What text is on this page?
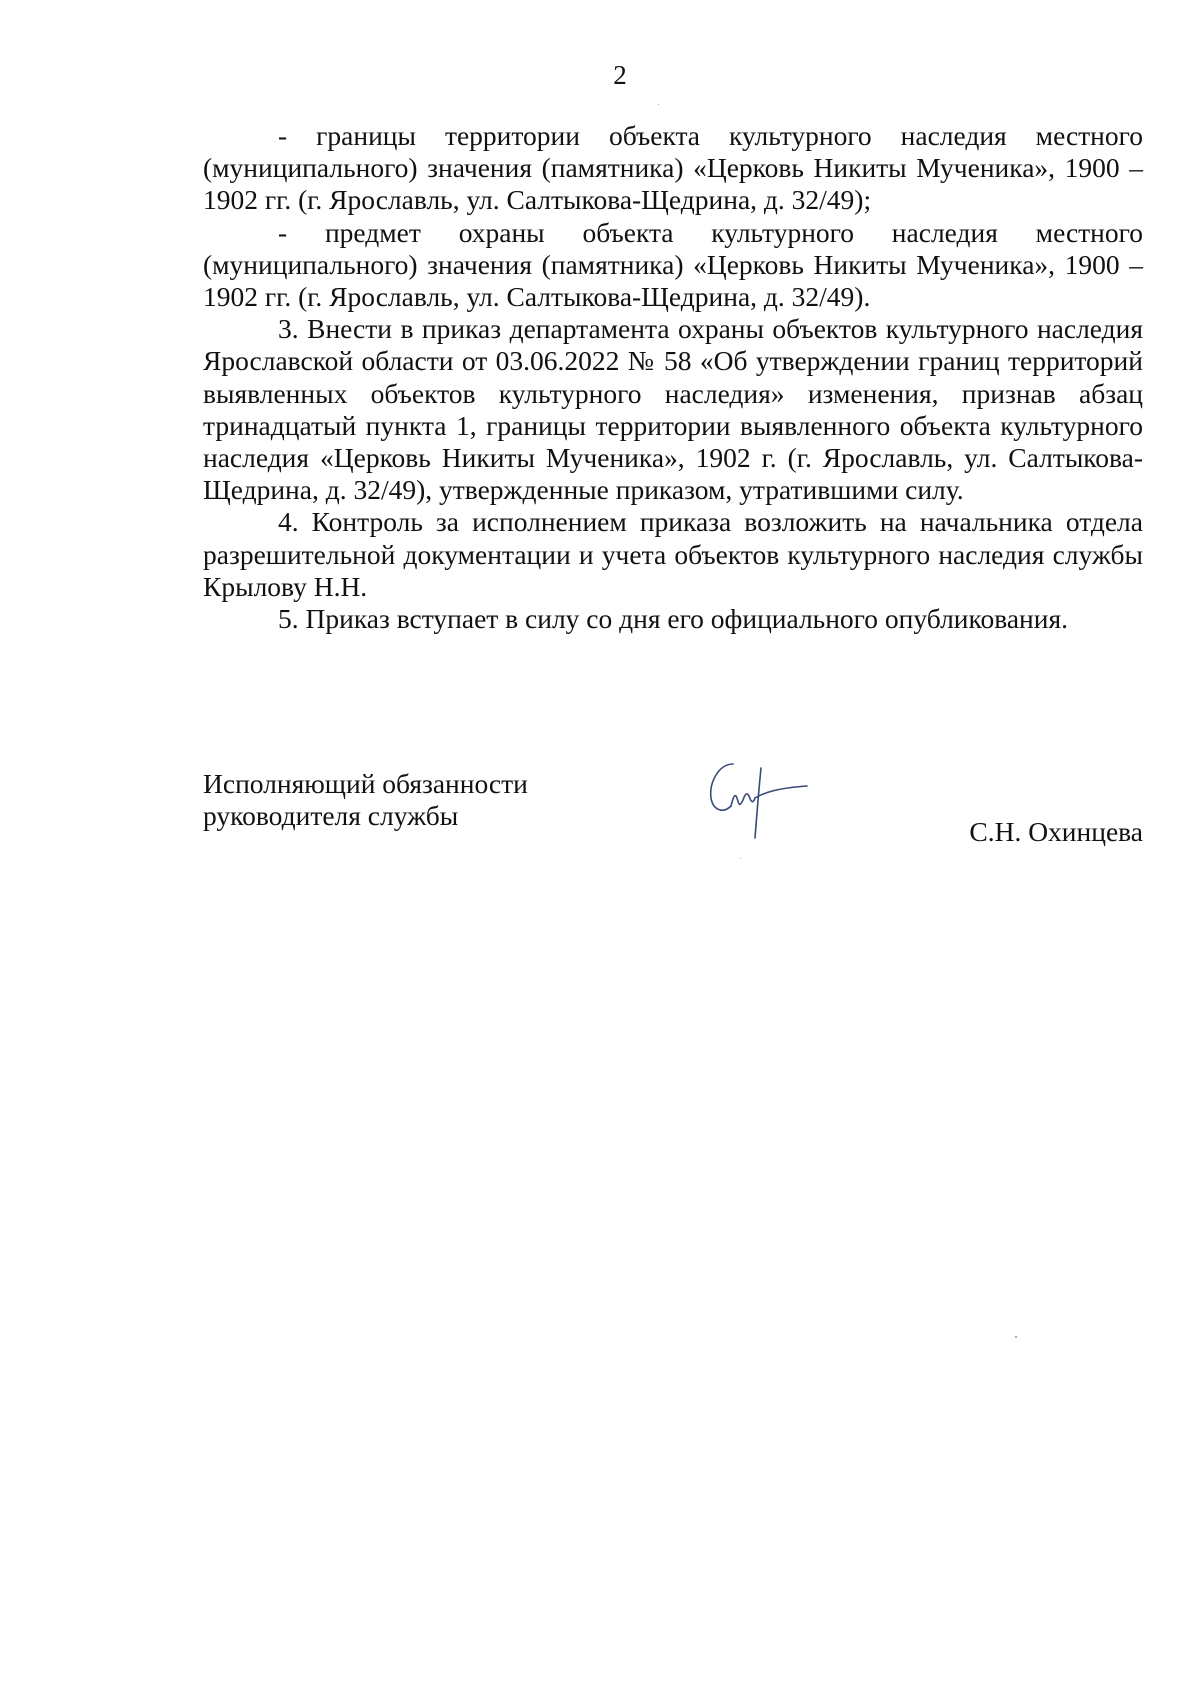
2

- границы территории объекта культурного наследия местного (муниципального) значения (памятника) «Церковь Никиты Мученика», 1900 – 1902 гг. (г. Ярославль, ул. Салтыкова-Щедрина, д. 32/49);

- предмет охраны объекта культурного наследия местного (муниципального) значения (памятника) «Церковь Никиты Мученика», 1900 – 1902 гг. (г. Ярославль, ул. Салтыкова-Щедрина, д. 32/49).

3. Внести в приказ департамента охраны объектов культурного наследия Ярославской области от 03.06.2022 № 58 «Об утверждении границ территорий выявленных объектов культурного наследия» изменения, признав абзац тринадцатый пункта 1, границы территории выявленного объекта культурного наследия «Церковь Никиты Мученика», 1902 г. (г. Ярославль, ул. Салтыкова-Щедрина, д. 32/49), утвержденные приказом, утратившими силу.

4. Контроль за исполнением приказа возложить на начальника отдела разрешительной документации и учета объектов культурного наследия службы Крылову Н.Н.

5. Приказ вступает в силу со дня его официального опубликования.

Исполняющий обязанности
руководителя службы
С.Н. Охинцева
